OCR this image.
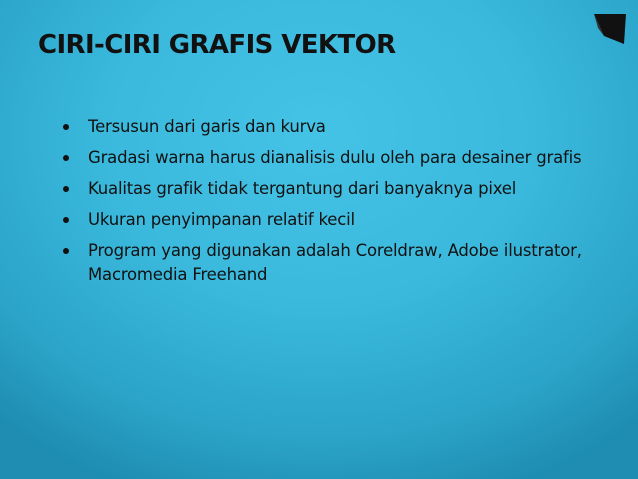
CIRI-CIRI GRAFIS VEKTOR
Tersusun dari garis dan kurva
Gradasi warna harus dianalisis dulu oleh para desainer grafis
Kualitas grafik tidak tergantung dari banyaknya pixel
Ukuran penyimpanan relatif kecil
Program yang digunakan adalah Coreldraw, Adobe ilustrator, Macromedia Freehand
